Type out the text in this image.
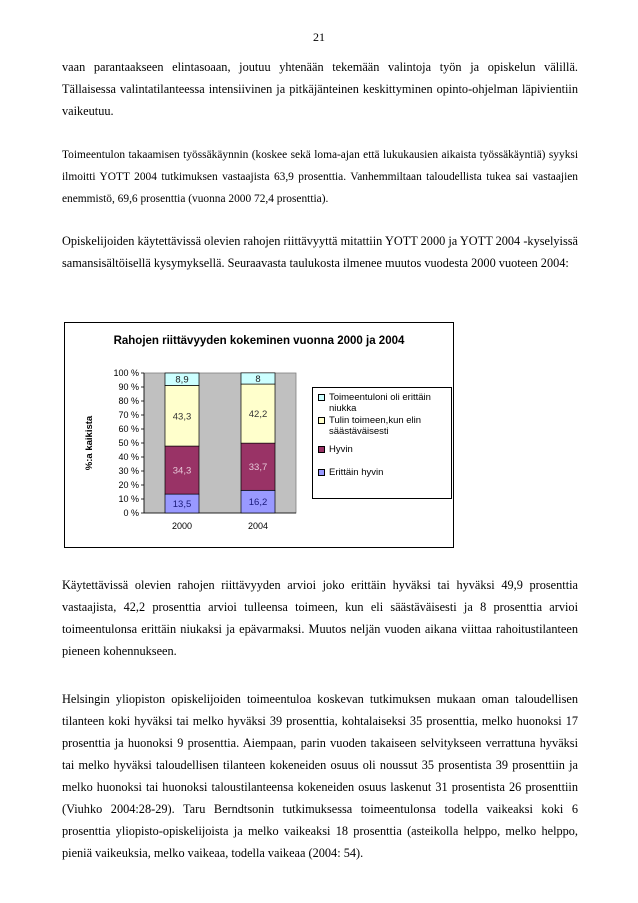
21

vaan parantaakseen elintasoaan, joutuu yhtenään tekemään valintoja työn ja opiskelun välillä. Tällaisessa valintatilanteessa intensiivinen ja pitkäjänteinen keskittyminen opinto-ohjelman läpivientiin vaikeutuu.

Toimeentulon takaamisen työssäkäynnin (koskee sekä loma-ajan että lukukausien aikaista työssäkäyntiä) syyksi ilmoitti YOTT 2004 tutkimuksen vastaajista 63,9 prosenttia. Vanhemmiltaan taloudellista tukea sai vastaajien enemmistö, 69,6 prosenttia (vuonna 2000 72,4 prosenttia).

Opiskelijoiden käytettävissä olevien rahojen riittävyyttä mitattiin YOTT 2000 ja YOTT 2004 -kyselyissä samansisältöisellä kysymyksellä. Seuraavasta taulukosta ilmenee muutos vuodesta 2000 vuoteen 2004:

Rahojen riittävyyden kokeminen vuonna 2000 ja 2004
%:a kaikista
0 %
10 %
20 %
30 %
40 %
50 %
60 %
70 %
80 %
90 %
100 %
13,5
34,3
43,3
8,9
2000
16,2
33,7
42,2
8
2004
Toimeentuloni oli erittäin niukka
Tulin toimeen,kun elin säästäväisesti
Hyvin
Erittäin hyvin

Käytettävissä olevien rahojen riittävyyden arvioi joko erittäin hyväksi tai hyväksi 49,9 prosenttia vastaajista, 42,2 prosenttia arvioi tulleensa toimeen, kun eli säästäväisesti ja 8 prosenttia arvioi toimeentulonsa erittäin niukaksi ja epävarmaksi. Muutos neljän vuoden aikana viittaa rahoitustilanteen pieneen kohennukseen.

Helsingin yliopiston opiskelijoiden toimeentuloa koskevan tutkimuksen mukaan oman taloudellisen tilanteen koki hyväksi tai melko hyväksi 39 prosenttia, kohtalaiseksi 35 prosenttia, melko huonoksi 17 prosenttia ja huonoksi 9 prosenttia. Aiempaan, parin vuoden takaiseen selvitykseen verrattuna hyväksi tai melko hyväksi taloudellisen tilanteen kokeneiden osuus oli noussut 35 prosentista 39 prosenttiin ja melko huonoksi tai huonoksi taloustilanteensa kokeneiden osuus laskenut 31 prosentista 26 prosenttiin (Viuhko 2004:28-29). Taru Berndtsonin tutkimuksessa toimeentulonsa todella vaikeaksi koki 6 prosenttia yliopisto-opiskelijoista ja melko vaikeaksi 18 prosenttia (asteikolla helppo, melko helppo, pieniä vaikeuksia, melko vaikeaa, todella vaikeaa (2004: 54).
